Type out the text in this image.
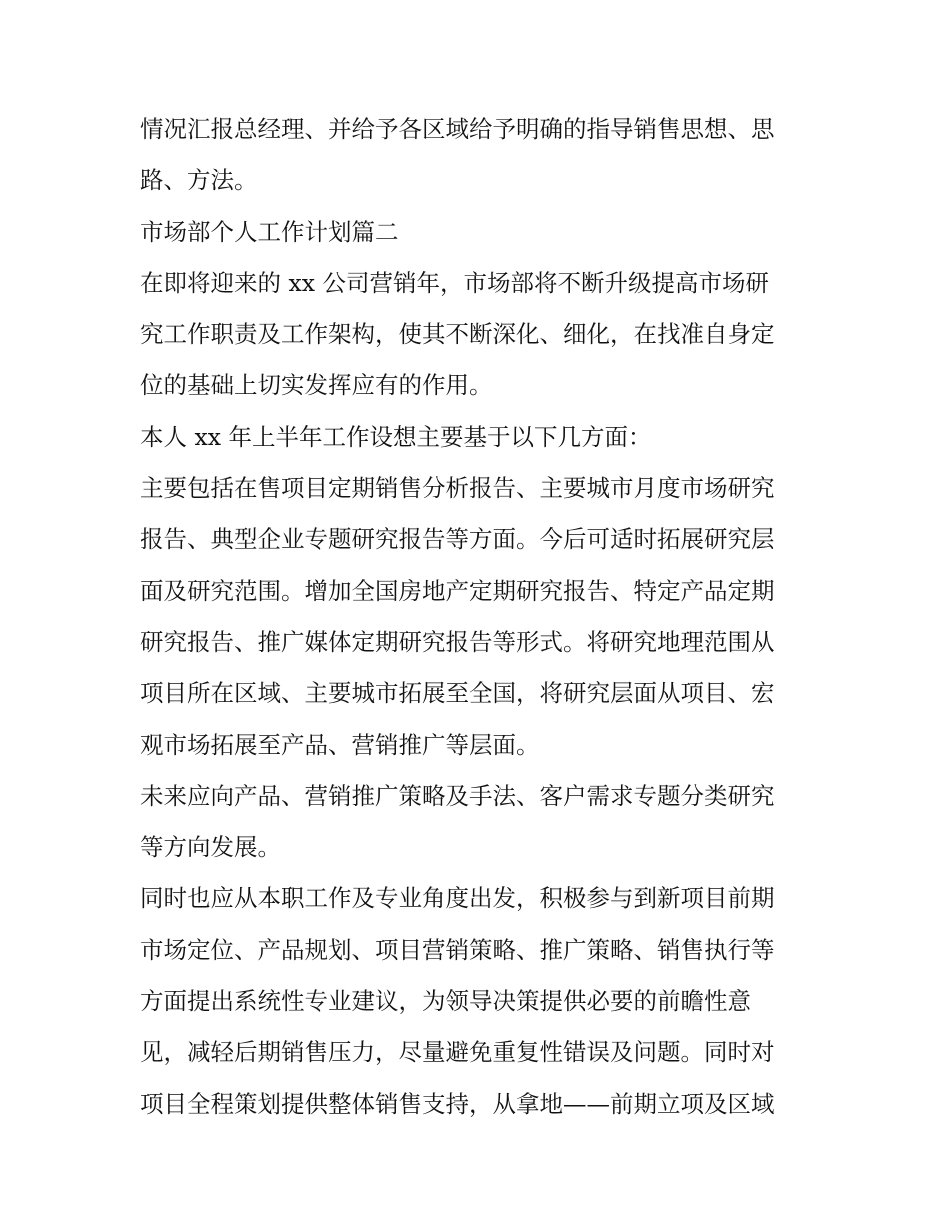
情况汇报总经理、并给予各区域给予明确的指导销售思想、思
路、方法。

市场部个人工作计划篇二

在即将迎来的 xx 公司营销年，市场部将不断升级提高市场研
究工作职责及工作架构，使其不断深化、细化，在找准自身定
位的基础上切实发挥应有的作用。

本人 xx 年上半年工作设想主要基于以下几方面：

主要包括在售项目定期销售分析报告、主要城市月度市场研究
报告、典型企业专题研究报告等方面。今后可适时拓展研究层
面及研究范围。增加全国房地产定期研究报告、特定产品定期
研究报告、推广媒体定期研究报告等形式。将研究地理范围从
项目所在区域、主要城市拓展至全国，将研究层面从项目、宏
观市场拓展至产品、营销推广等层面。

未来应向产品、营销推广策略及手法、客户需求专题分类研究
等方向发展。

同时也应从本职工作及专业角度出发，积极参与到新项目前期
市场定位、产品规划、项目营销策略、推广策略、销售执行等
方面提出系统性专业建议，为领导决策提供必要的前瞻性意
见，减轻后期销售压力，尽量避免重复性错误及问题。同时对
项目全程策划提供整体销售支持，从拿地——前期立项及区域
